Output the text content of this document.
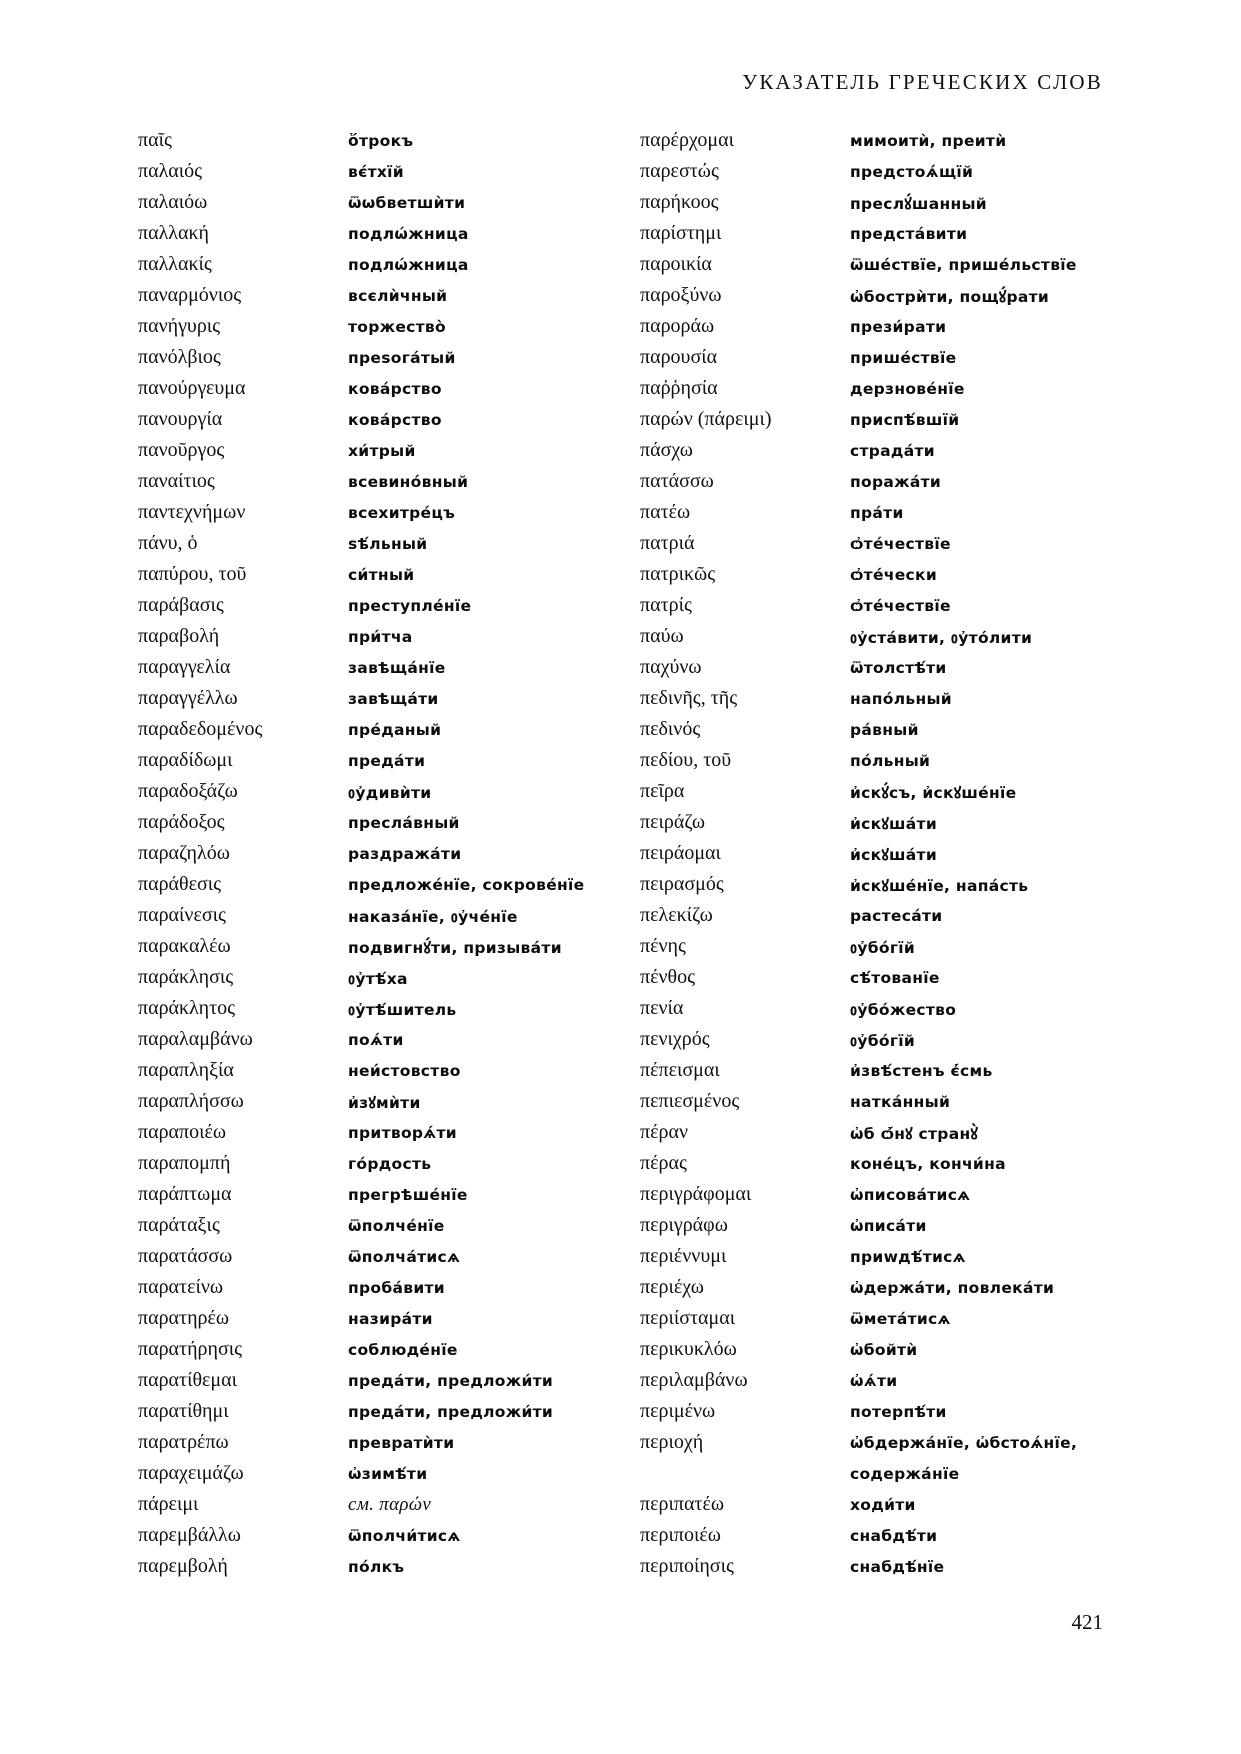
УКАЗАТЕЛЬ ГРЕЧЕСКИХ СЛОВ
παῖς	ὅтрокъ
παλαιός	вє́тхїй
παλαιόω	ѿѡбветшѝти
παλλακή	подлѡ́жница
παλλακίς	подлѡ́жница
παναρμόνιος	всєлѝчный
πανήγυρις	торжество̀
πανόλβιος	преѕога́тый
πανούργευμα	кова́рство
πανουργία	кова́рство
πανοῦργος	хи́трый
παναίτιος	всевинóвный
παντεχνήμων	всехитре́цъ
πάνυ, ὁ	ѕѣ́льный
παπύρου, τοῦ	си́тный
παράβασις	преступле́нїе
παραβολή	при́тча
παραγγελία	завѣща́нїе
παραγγέλλω	завѣща́ти
παραδεδομένος	пре́даный
παραδίδωμι	преда́ти
παραδοξάζω	ᲂу҆дивѝти
παράδοξος	пресла́вный
παραζηλόω	раздража́ти
παράθεσις	предложе́нїе, сокровéнїе
παραίνεσις	наказа́нїе, ᲂу҆че́нїе
παρακαλέω	подвигнꙋ́ти, призыва́ти
παράκλησις	ᲂу҆тѣ́ха
παράκλητος	ᲂу҆тѣ́шитель
παραλαμβάνω	поѧ́ти
παραπληξία	неи́стовство
παραπλήσσω	и҆зꙋмѝти
παραποιέω	притворѧ́ти
παραπομπή	го́рдость
παράπτωμα	прегрѣше́нїе
παράταξις	ѿполче́нїе
παρατάσσω	ѿполча́тисѧ
παρατείνω	проба́вити
παρατηρέω	назира́ти
παρατήρησις	соблюде́нїе
παρατίθεμαι	преда́ти, предложи́ти
παρατίθημι	преда́ти, предложи́ти
παρατρέπω	превратѝти
παραχειμάζω	ѡ҆зимѣ́ти
πάρειμι	см. παρών
παρεμβάλλω	ѿполчи́тисѧ
παρεμβολή	пóлкъ
παρέρχομαι	мимоитѝ, преитѝ
παρεστώς	предстоѧ́щїй
παρήκοος	преслꙋ́шанный
παρίστημι	предста́вити
παροικία	ѿше́ствїе, пришéльствїе
παροξύνω	ѡ҆бострѝти, пощꙋ́рати
παροράω	прези́рати
παρουσία	прише́ствїе
παῤῥησία	дерзнове́нїе
παρών (πάρειμι)	приспѣ́вшїй
πάσχω	страда́ти
πατάσσω	поража́ти
πατέω	пра́ти
πατριά	ѻ҆те́чествїе
πατρικῶς	ѻ҆те́чески
πατρίς	ѻ҆те́чествїе
παύω	ᲂу҆ста́вити, ᲂу҆то́лити
παχύνω	ѿтолстѣ́ти
πεδινῆς, τῆς	напóльный
πεδινός	ра́вный
πεδίου, τοῦ	пóльный
πεῖρα	и҆скꙋ́съ, и҆скꙋше́нїе
πειράζω	и҆скꙋша́ти
πειράομαι	и҆скꙋша́ти
πειρασμός	и҆скꙋше́нїе, напа́сть
πελεκίζω	растеса́ти
πένης	ᲂу҆бо́гїй
πένθος	сѣ́тованїе
πενία	ᲂу҆бо́жество
πενιχρός	ᲂу҆бо́гїй
πέπεισμαι	и҆звѣ́стенъ є҆́смь
πεπιεσμένος	натка́нный
πέραν	ѡ҆б ѻ҆́нꙋ странꙋ̀
πέρας	коне́цъ, кончи́на
περιγράφομαι	ѡ҆писова́тисѧ
περιγράφω	ѡ҆писа́ти
περιέννυμι	приwдѣ́тисѧ
περιέχω	ѡ҆держа́ти, повлека́ти
περιίσταμαι	ѿмета́тисѧ
περικυκλόω	ѡ҆бойтѝ
περιλαμβάνω	ѡ҆ѧ́ти
περιμένω	потерпѣ́ти
περιοχή	ѡ҆бдержа́нїе, ѡ҆бстоѧ́нїе,
содержа́нїе
περιπατέω	ходи́ти
περιποιέω	снабдѣ́ти
περιποίησις	снабдѣ́нїе
421
